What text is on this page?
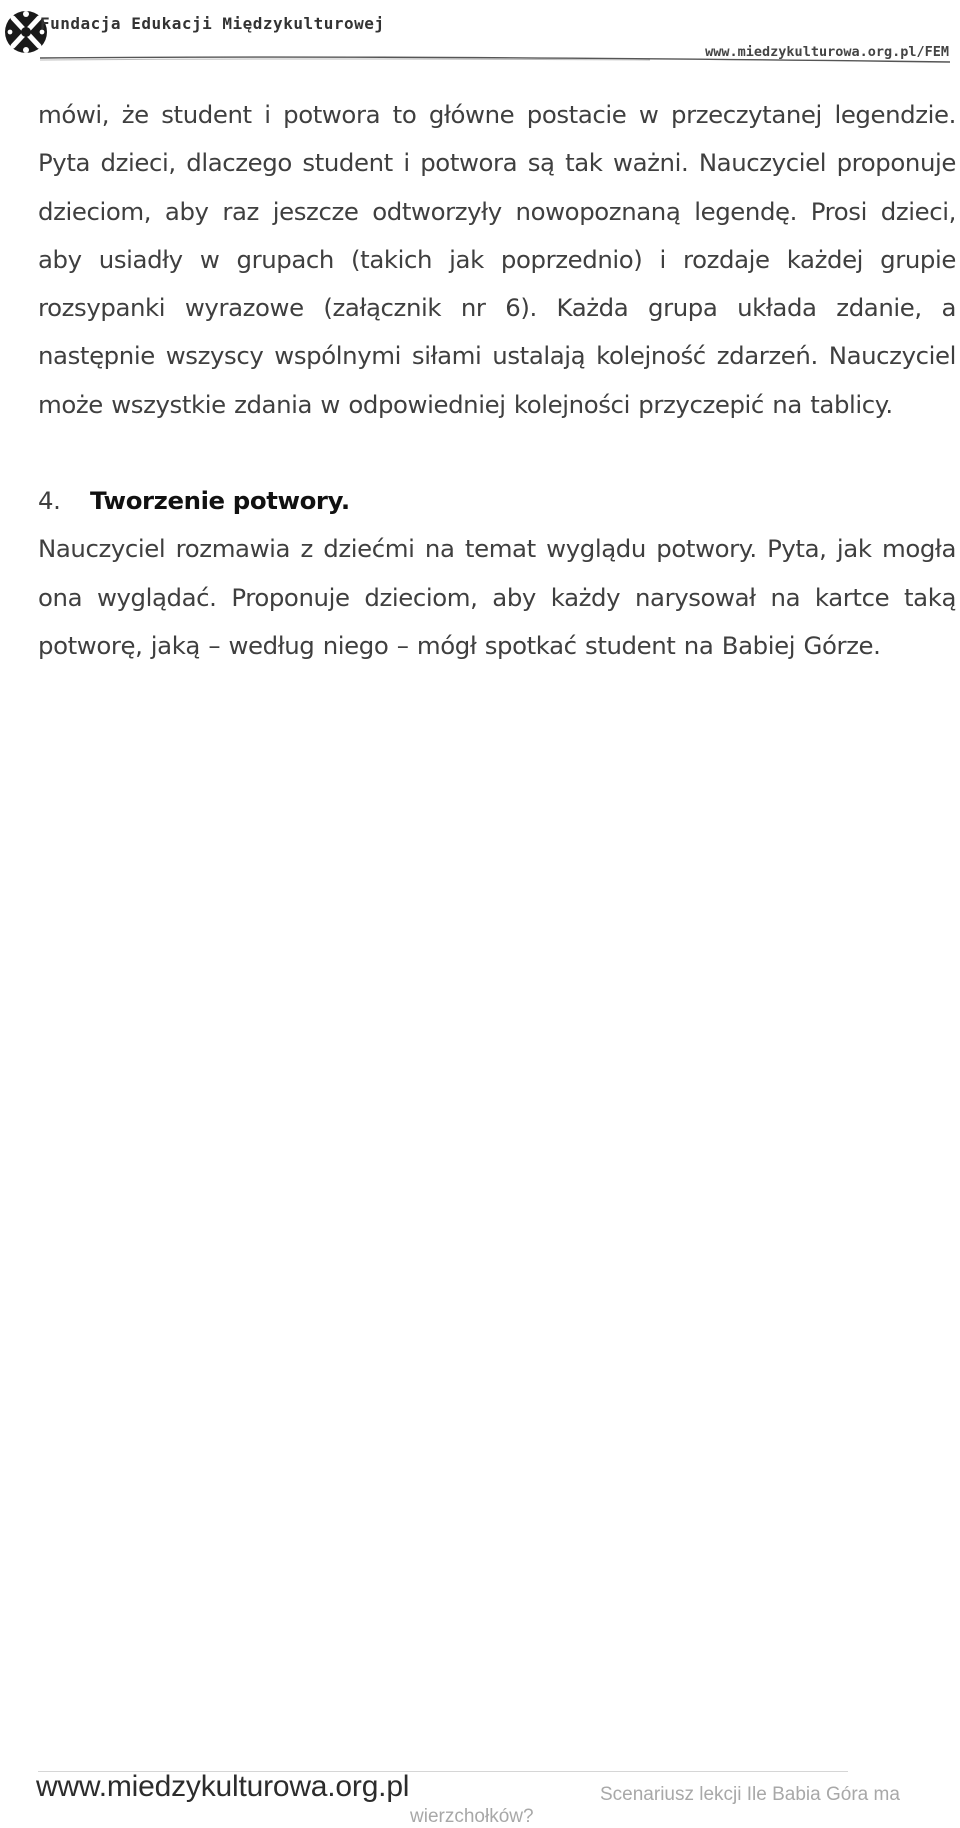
Fundacja Edukacji Międzykulturowej
www.miedzykulturowa.org.pl/FEM

mówi, że student i potwora to główne postacie w przeczytanej legendzie. Pyta dzieci, dlaczego student i potwora są tak ważni. Nauczyciel proponuje dzieciom, aby raz jeszcze odtworzyły nowopoznaną legendę. Prosi dzieci, aby usiadły w grupach (takich jak poprzednio) i rozdaje każdej grupie rozsypanki wyrazowe (załącznik nr 6). Każda grupa układa zdanie, a następnie wszyscy wspólnymi siłami ustalają kolejność zdarzeń. Nauczyciel może wszystkie zdania w odpowiedniej kolejności przyczepić na tablicy.

4. Tworzenie potwory.

Nauczyciel rozmawia z dziećmi na temat wyglądu potwory. Pyta, jak mogła ona wyglądać. Proponuje dzieciom, aby każdy narysował na kartce taką potworę, jaką – według niego – mógł spotkać student na Babiej Górze.

www.miedzykulturowa.org.pl	Scenariusz lekcji Ile Babia Góra ma
wierzchołków?
